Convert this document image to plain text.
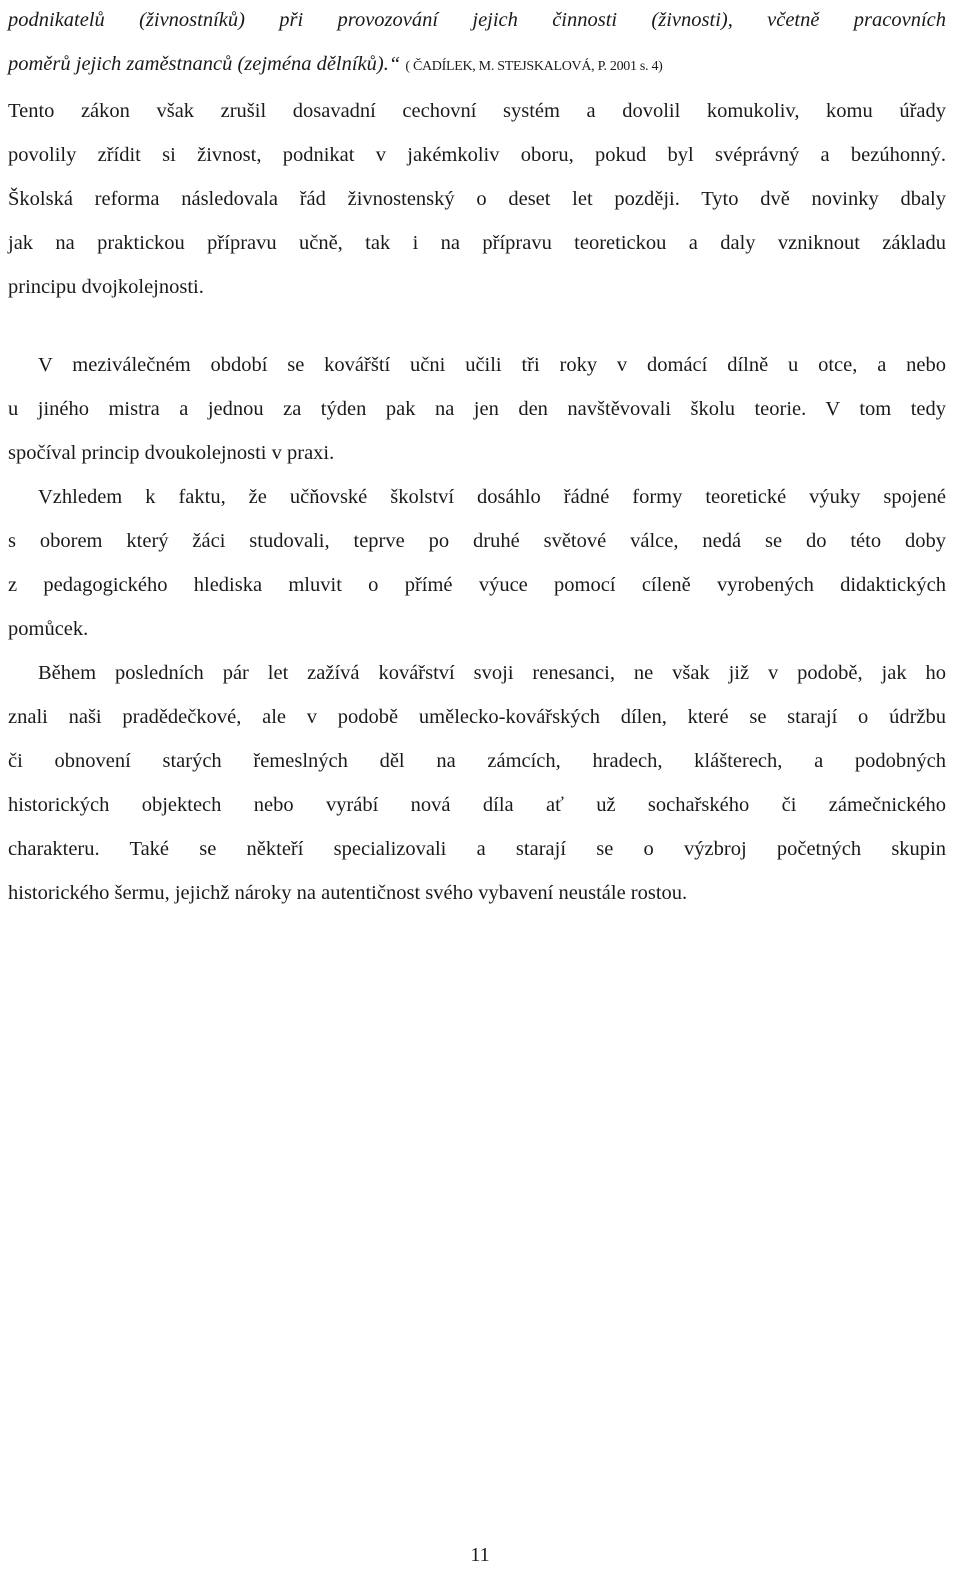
podnikatelů (živnostníků) při provozování jejich činnosti (živnosti), včetně pracovních
poměrů jejich zaměstnanců (zejména dělníků).“ ( ČADÍLEK, M. STEJSKALOVÁ, P. 2001 s. 4)
Tento zákon však zrušil dosavadní cechovní systém a dovolil komukoliv, komu úřady
povolily zřídit si živnost, podnikat v jakémkoliv oboru, pokud byl svéprávný a bezúhonný.
Školská reforma následovala řád živnostenský o deset let později. Tyto dvě novinky dbaly
jak na praktickou přípravu učně, tak i na přípravu teoretickou a daly vzniknout základu
principu dvojkolejnosti.
V meziválečném období se kovářští učni učili tři roky v domácí dílně u otce, a nebo
u jiného mistra a jednou za týden pak na jen den navštěvovali školu teorie. V tom tedy
spočíval princip dvoukolejnosti v praxi.
Vzhledem k faktu, že učňovské školství dosáhlo řádné formy teoretické výuky spojené
s oborem který žáci studovali, teprve po druhé světové válce, nedá se do této doby
z pedagogického hlediska mluvit o přímé výuce pomocí cíleně vyrobených didaktických
pomůcek.
Během posledních pár let zažívá kovářství svoji renesanci, ne však již v podobě, jak ho
znali naši pradědečkové, ale v podobě umělecko-kovářských dílen, které se starají o údržbu
či obnovení starých řemeslných děl na zámcích, hradech, klášterech, a podobných
historických objektech nebo vyrábí nová díla ať už sochařského či zámečnického
charakteru. Také se někteří specializovali a starají se o výzbroj početných skupin
historického šermu, jejichž nároky na autentičnost svého vybavení neustále rostou.
11
